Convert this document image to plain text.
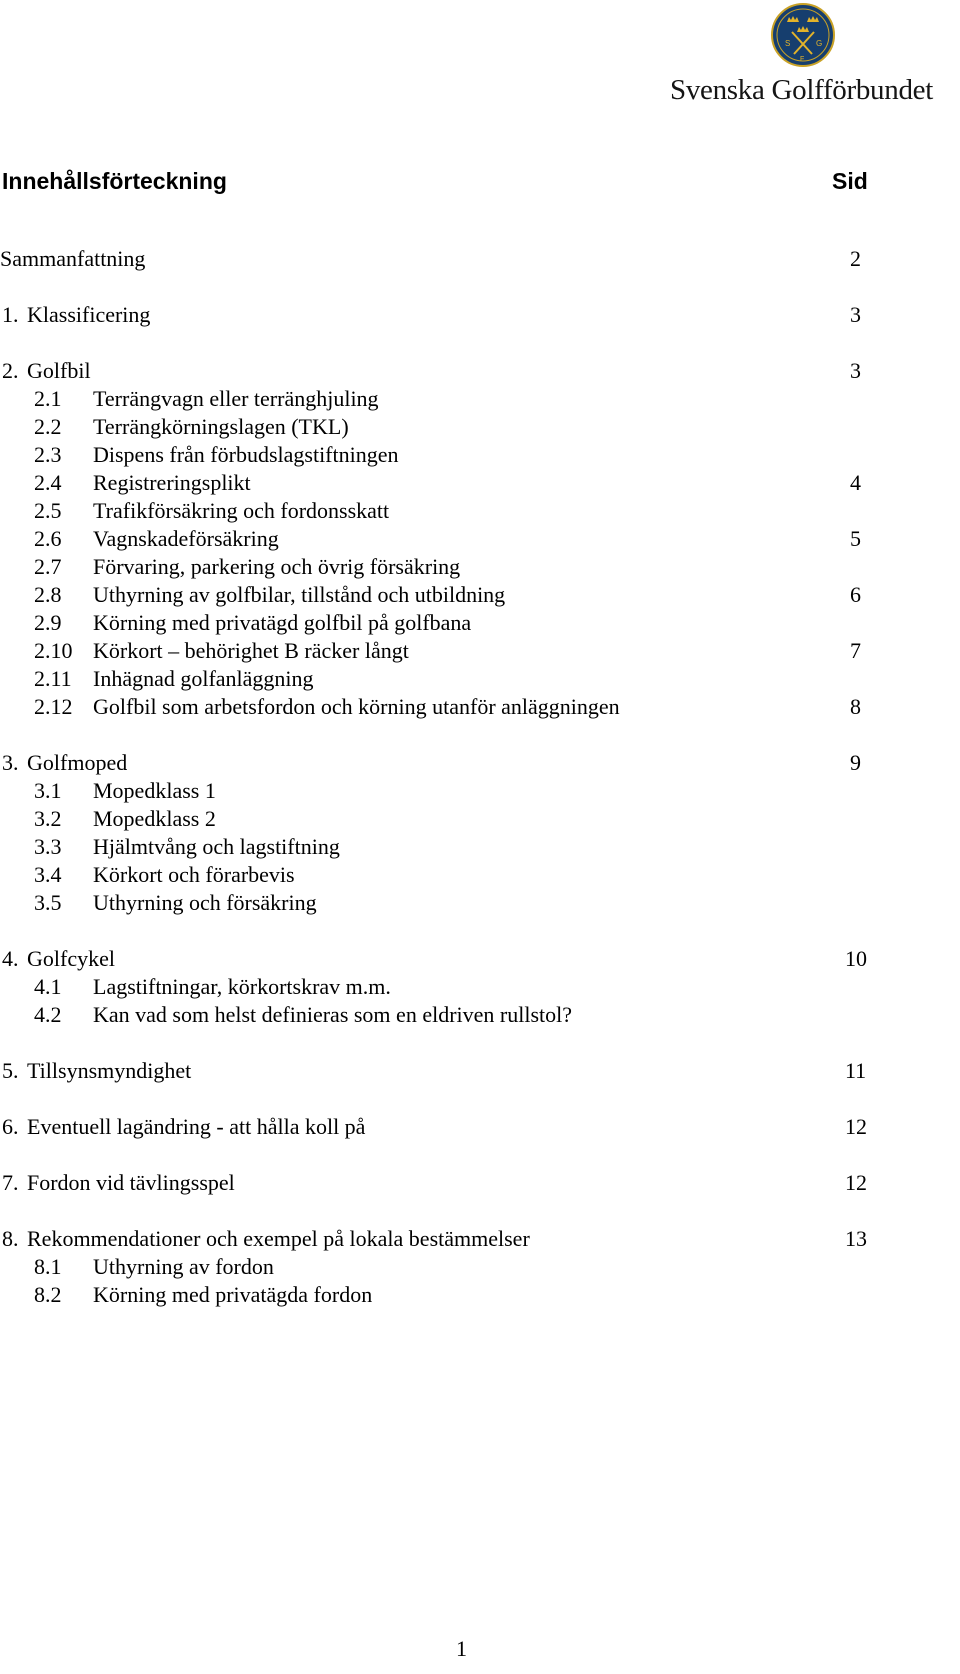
S	G
F
Svenska Golfförbundet
Innehållsförteckning	Sid
Sammanfattning	2
1. Klassificering	3
2. Golfbil	3
2.1 Terrängvagn eller terränghjuling
2.2 Terrängkörningslagen (TKL)
2.3 Dispens från förbudslagstiftningen
2.4 Registreringsplikt	4
2.5 Trafikförsäkring och fordonsskatt
2.6 Vagnskadeförsäkring	5
2.7 Förvaring, parkering och övrig försäkring
2.8 Uthyrning av golfbilar, tillstånd och utbildning	6
2.9 Körning med privatägd golfbil på golfbana
2.10 Körkort – behörighet B räcker långt	7
2.11 Inhägnad golfanläggning
2.12 Golfbil som arbetsfordon och körning utanför anläggningen	8
3. Golfmoped	9
3.1 Mopedklass 1
3.2 Mopedklass 2
3.3 Hjälmtvång och lagstiftning
3.4 Körkort och förarbevis
3.5 Uthyrning och försäkring
4. Golfcykel	10
4.1 Lagstiftningar, körkortskrav m.m.
4.2 Kan vad som helst definieras som en eldriven rullstol?
5. Tillsynsmyndighet	11
6. Eventuell lagändring - att hålla koll på	12
7. Fordon vid tävlingsspel	12
8. Rekommendationer och exempel på lokala bestämmelser	13
8.1 Uthyrning av fordon
8.2 Körning med privatägda fordon
1
